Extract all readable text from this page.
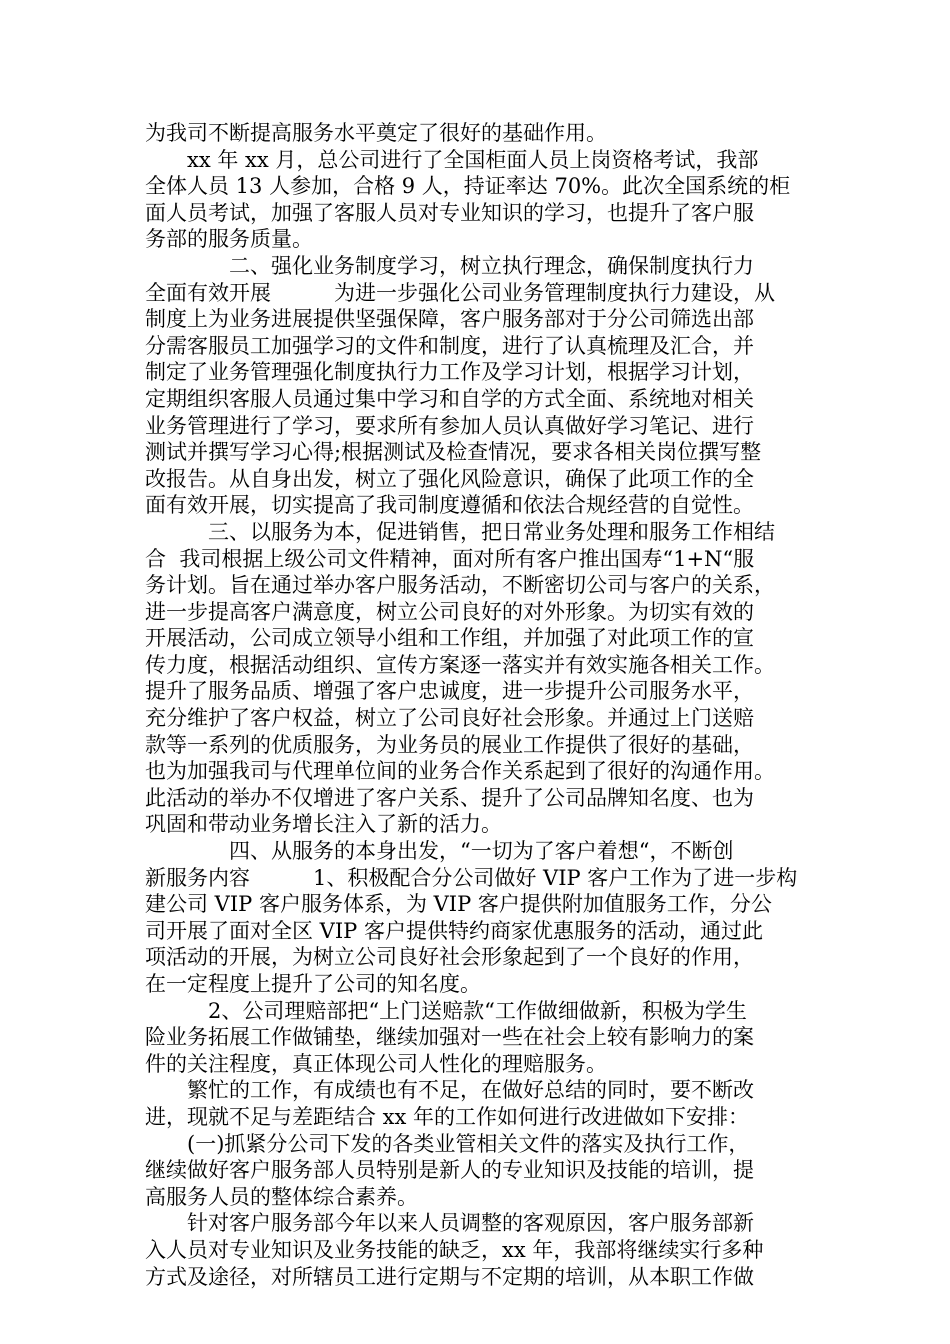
为我司不断提高服务水平奠定了很好的基础作用。
　　xx 年 xx 月，总公司进行了全国柜面人员上岗资格考试，我部
全体人员 13 人参加，合格 9 人，持证率达 70%。此次全国系统的柜
面人员考试，加强了客服人员对专业知识的学习，也提升了客户服
务部的服务质量。
　　　　二、强化业务制度学习，树立执行理念，确保制度执行力
全面有效开展　　　为进一步强化公司业务管理制度执行力建设，从
制度上为业务进展提供坚强保障，客户服务部对于分公司筛选出部
分需客服员工加强学习的文件和制度，进行了认真梳理及汇合，并
制定了业务管理强化制度执行力工作及学习计划，根据学习计划，
定期组织客服人员通过集中学习和自学的方式全面、系统地对相关
业务管理进行了学习，要求所有参加人员认真做好学习笔记、进行
测试并撰写学习心得;根据测试及检查情况，要求各相关岗位撰写整
改报告。从自身出发，树立了强化风险意识，确保了此项工作的全
面有效开展，切实提高了我司制度遵循和依法合规经营的自觉性。
　　　三、以服务为本，促进销售，把日常业务处理和服务工作相结
合  我司根据上级公司文件精神，面对所有客户推出国寿“1+N“服
务计划。旨在通过举办客户服务活动，不断密切公司与客户的关系，
进一步提高客户满意度，树立公司良好的对外形象。为切实有效的
开展活动，公司成立领导小组和工作组，并加强了对此项工作的宣
传力度，根据活动组织、宣传方案逐一落实并有效实施各相关工作。
提升了服务品质、增强了客户忠诚度，进一步提升公司服务水平，
充分维护了客户权益，树立了公司良好社会形象。并通过上门送赔
款等一系列的优质服务，为业务员的展业工作提供了很好的基础，
也为加强我司与代理单位间的业务合作关系起到了很好的沟通作用。
此活动的举办不仅增进了客户关系、提升了公司品牌知名度、也为
巩固和带动业务增长注入了新的活力。
　　　　四、从服务的本身出发，“一切为了客户着想“，不断创
新服务内容　　　1、积极配合分公司做好 VIP 客户工作为了进一步构
建公司 VIP 客户服务体系，为 VIP 客户提供附加值服务工作，分公
司开展了面对全区 VIP 客户提供特约商家优惠服务的活动，通过此
项活动的开展，为树立公司良好社会形象起到了一个良好的作用，
在一定程度上提升了公司的知名度。
　　　2、公司理赔部把“上门送赔款“工作做细做新，积极为学生
险业务拓展工作做铺垫，继续加强对一些在社会上较有影响力的案
件的关注程度，真正体现公司人性化的理赔服务。
　　繁忙的工作，有成绩也有不足，在做好总结的同时，要不断改
进，现就不足与差距结合 xx 年的工作如何进行改进做如下安排：
　　(一)抓紧分公司下发的各类业管相关文件的落实及执行工作，
继续做好客户服务部人员特别是新人的专业知识及技能的培训，提
高服务人员的整体综合素养。
　　针对客户服务部今年以来人员调整的客观原因，客户服务部新
入人员对专业知识及业务技能的缺乏，xx 年，我部将继续实行多种
方式及途径，对所辖员工进行定期与不定期的培训，从本职工作做
